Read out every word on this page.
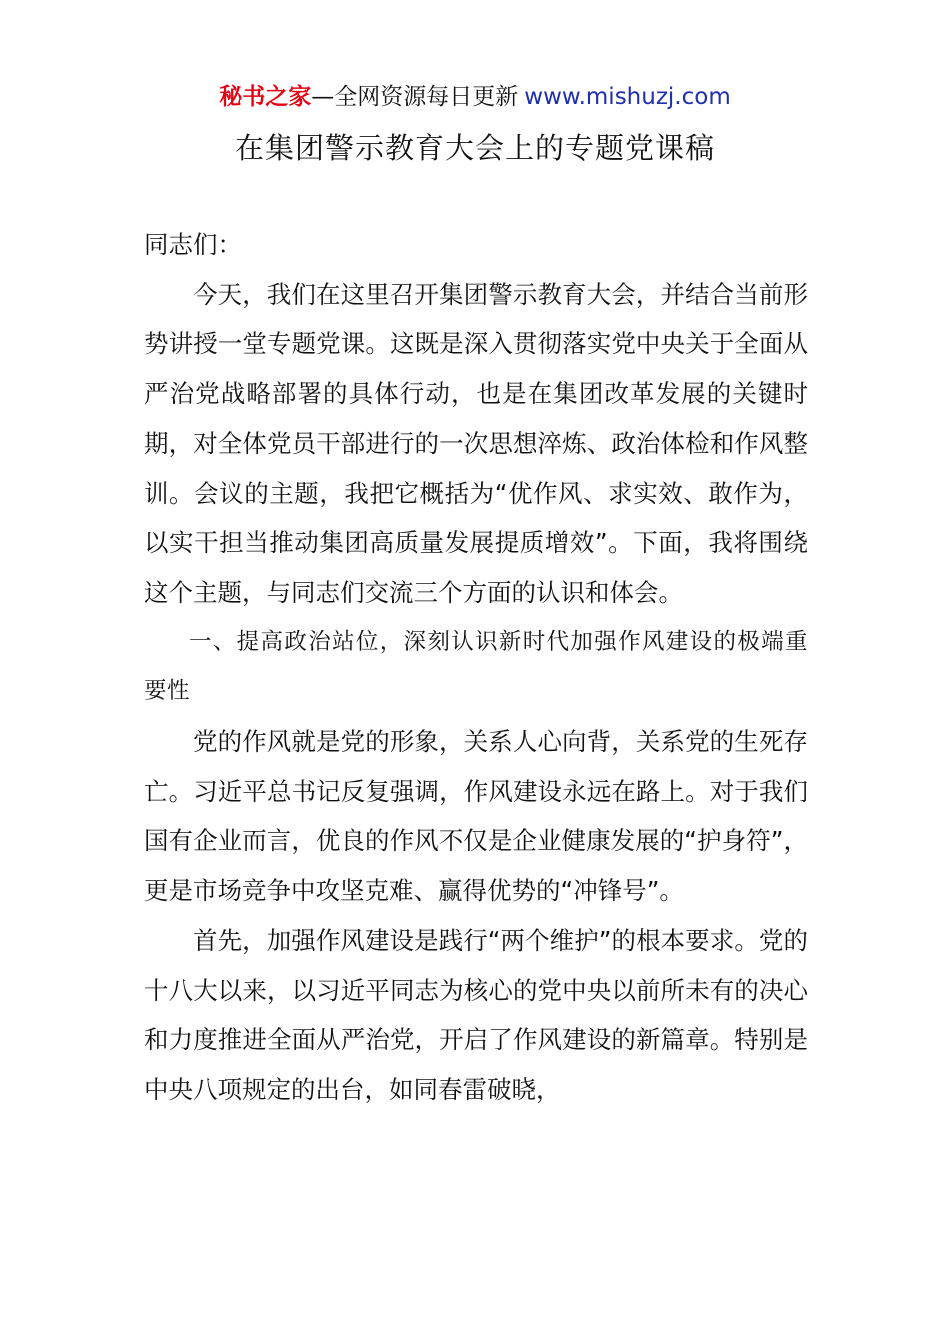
秘书之家—全网资源每日更新 www.mishuzj.com
在集团警示教育大会上的专题党课稿

同志们：

今天，我们在这里召开集团警示教育大会，并结合当前形势讲授一堂专题党课。这既是深入贯彻落实党中央关于全面从严治党战略部署的具体行动，也是在集团改革发展的关键时期，对全体党员干部进行的一次思想淬炼、政治体检和作风整训。会议的主题，我把它概括为“优作风、求实效、敢作为，以实干担当推动集团高质量发展提质增效”。下面，我将围绕这个主题，与同志们交流三个方面的认识和体会。

一、提高政治站位，深刻认识新时代加强作风建设的极端重要性

党的作风就是党的形象，关系人心向背，关系党的生死存亡。习近平总书记反复强调，作风建设永远在路上。对于我们国有企业而言，优良的作风不仅是企业健康发展的“护身符”，更是市场竞争中攻坚克难、赢得优势的“冲锋号”。

首先，加强作风建设是践行“两个维护”的根本要求。党的十八大以来，以习近平同志为核心的党中央以前所未有的决心和力度推进全面从严治党，开启了作风建设的新篇章。特别是中央八项规定的出台，如同春雷破晓，
